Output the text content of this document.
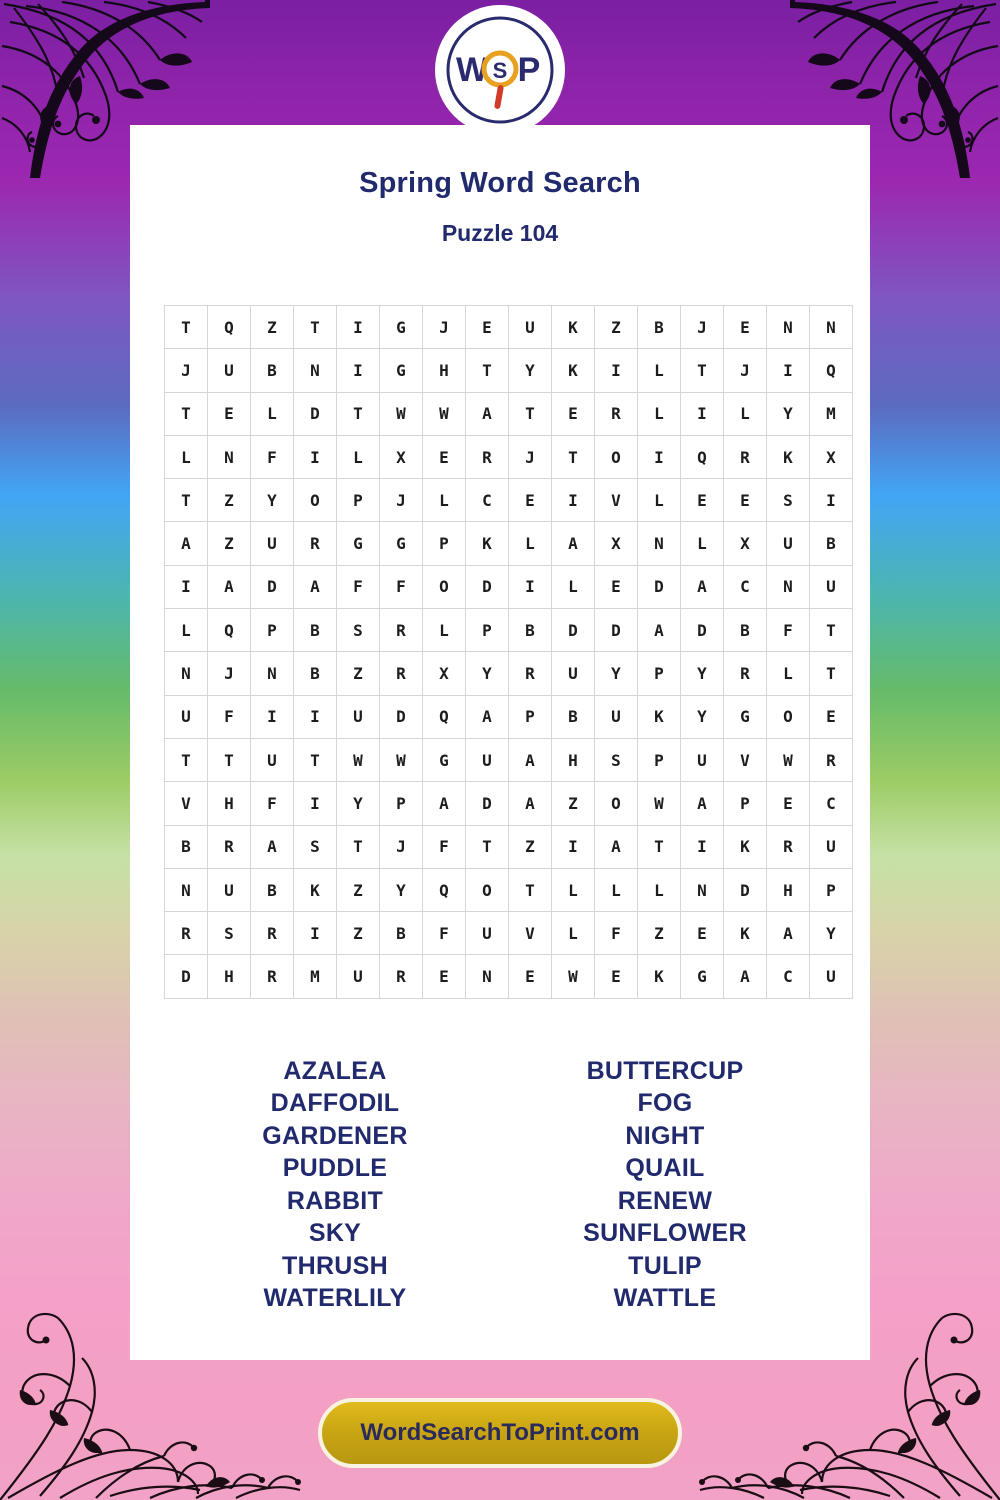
W P
S
Spring Word Search
Puzzle 104
T	Q	Z	T	I	G	J	E	U	K	Z	B	J	E	N	N
J	U	B	N	I	G	H	T	Y	K	I	L	T	J	I	Q
T	E	L	D	T	W	W	A	T	E	R	L	I	L	Y	M
L	N	F	I	L	X	E	R	J	T	O	I	Q	R	K	X
T	Z	Y	O	P	J	L	C	E	I	V	L	E	E	S	I
A	Z	U	R	G	G	P	K	L	A	X	N	L	X	U	B
I	A	D	A	F	F	O	D	I	L	E	D	A	C	N	U
L	Q	P	B	S	R	L	P	B	D	D	A	D	B	F	T
N	J	N	B	Z	R	X	Y	R	U	Y	P	Y	R	L	T
U	F	I	I	U	D	Q	A	P	B	U	K	Y	G	O	E
T	T	U	T	W	W	G	U	A	H	S	P	U	V	W	R
V	H	F	I	Y	P	A	D	A	Z	O	W	A	P	E	C
B	R	A	S	T	J	F	T	Z	I	A	T	I	K	R	U
N	U	B	K	Z	Y	Q	O	T	L	L	L	N	D	H	P
R	S	R	I	Z	B	F	U	V	L	F	Z	E	K	A	Y
D	H	R	M	U	R	E	N	E	W	E	K	G	A	C	U
AZALEA
DAFFODIL
GARDENER
PUDDLE
RABBIT
SKY
THRUSH
WATERLILY
BUTTERCUP
FOG
NIGHT
QUAIL
RENEW
SUNFLOWER
TULIP
WATTLE
WordSearchToPrint.com
